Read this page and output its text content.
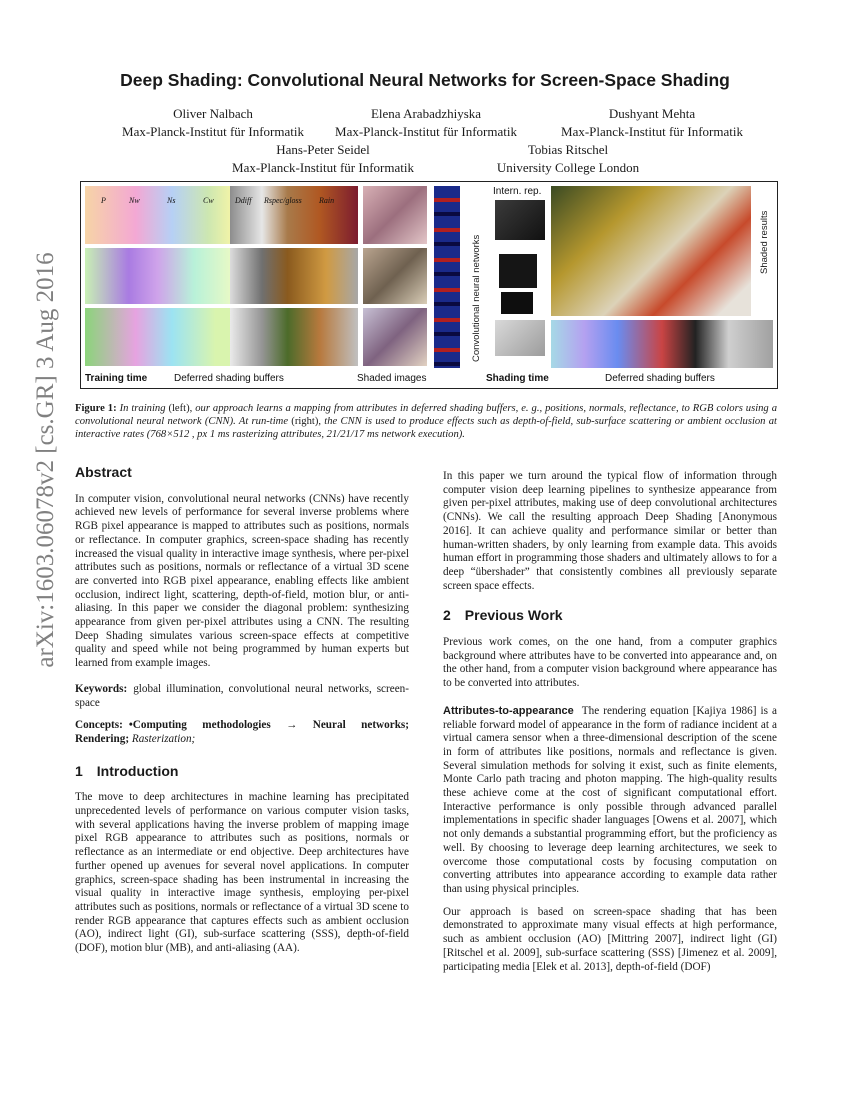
arXiv:1603.06078v2 [cs.GR] 3 Aug 2016
Deep Shading: Convolutional Neural Networks for Screen-Space Shading
Oliver Nalbach
Max-Planck-Institut für Informatik
Elena Arabadzhiyska
Max-Planck-Institut für Informatik
Dushyant Mehta
Max-Planck-Institut für Informatik
Hans-Peter Seidel
Max-Planck-Institut für Informatik
Tobias Ritschel
University College London
P	Nw	Ns	Cw	Ddiff Rspec/gloss Rain
Convolutional neural networks
Intern. rep.
Shaded results
Training time	Deferred shading buffers	Shaded images	Shading time	Deferred shading buffers
Figure 1: In training (left), our approach learns a mapping from attributes in deferred shading buffers, e. g., positions, normals, reflectance, to RGB colors using a convolutional neural network (CNN). At run-time (right), the CNN is used to produce effects such as depth-of-field, sub-surface scattering or ambient occlusion at interactive rates (768×512 , px 1 ms rasterizing attributes, 21/21/17 ms network execution).
Abstract

In computer vision, convolutional neural networks (CNNs) have recently achieved new levels of performance for several inverse problems where RGB pixel appearance is mapped to attributes such as positions, normals or reflectance. In computer graphics, screen-space shading has recently increased the visual quality in interactive image synthesis, where per-pixel attributes such as positions, normals or reflectance of a virtual 3D scene are converted into RGB pixel appearance, enabling effects like ambient occlusion, indirect light, scattering, depth-of-field, motion blur, or anti-aliasing. In this paper we consider the diagonal problem: synthesizing appearance from given per-pixel attributes using a CNN. The resulting Deep Shading simulates various screen-space effects at competitive quality and speed while not being programmed by human experts but learned from example images.

Keywords: global illumination, convolutional neural networks, screen-space

Concepts: •Computing methodologies → Neural networks; Rendering; Rasterization;

1 Introduction

The move to deep architectures in machine learning has precipitated unprecedented levels of performance on various computer vision tasks, with several applications having the inverse problem of mapping image pixel RGB appearance to attributes such as positions, normals or reflectance as an intermediate or end objective. Deep architectures have further opened up avenues for several novel applications. In computer graphics, screen-space shading has been instrumental in increasing the visual quality in interactive image synthesis, employing per-pixel attributes such as positions, normals or reflectance of a virtual 3D scene to render RGB appearance that captures effects such as ambient occlusion (AO), indirect light (GI), sub-surface scattering (SSS), depth-of-field (DOF), motion blur (MB), and anti-aliasing (AA).

In this paper we turn around the typical flow of information through computer vision deep learning pipelines to synthesize appearance from given per-pixel attributes, making use of deep convolutional architectures (CNNs). We call the resulting approach Deep Shading [Anonymous 2016]. It can achieve quality and performance similar or better than human-written shaders, by only learning from example data. This avoids human effort in programming those shaders and ultimately allows to for a deep “übershader” that consistently combines all previously separate screen space effects.

2 Previous Work

Previous work comes, on the one hand, from a computer graphics background where attributes have to be converted into appearance and, on the other hand, from a computer vision background where appearance has to be converted into attributes.

Attributes-to-appearance The rendering equation [Kajiya 1986] is a reliable forward model of appearance in the form of radiance incident at a virtual camera sensor when a three-dimensional description of the scene in form of attributes like positions, normals and reflectance is given. Several simulation methods for solving it exist, such as finite elements, Monte Carlo path tracing and photon mapping. The high-quality results these achieve come at the cost of significant computational effort. Interactive performance is only possible through advanced parallel implementations in specific shader languages [Owens et al. 2007], which not only demands a substantial programming effort, but the proficiency as well. By choosing to leverage deep learning architectures, we seek to overcome those computational costs by focusing computation on converting attributes into appearance according to example data rather than using physical principles.

Our approach is based on screen-space shading that has been demonstrated to approximate many visual effects at high performance, such as ambient occlusion (AO) [Mittring 2007], indirect light (GI) [Ritschel et al. 2009], sub-surface scattering (SSS) [Jimenez et al. 2009], participating media [Elek et al. 2013], depth-of-field (DOF)
